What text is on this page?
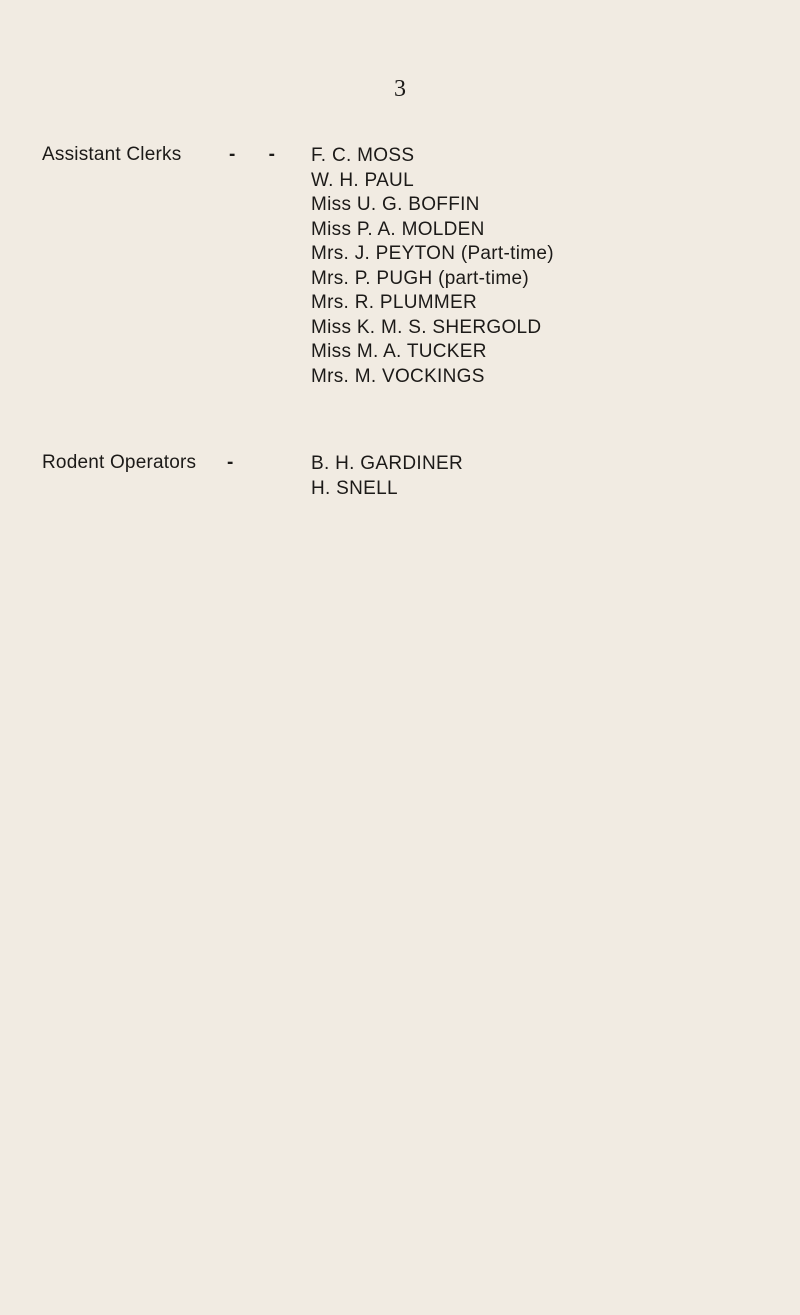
3
Assistant Clerks	- - F. C. MOSS
W. H. PAUL
Miss U. G. BOFFIN
Miss P. A. MOLDEN
Mrs. J. PEYTON (Part-time)
Mrs. P. PUGH (part-time)
Mrs. R. PLUMMER
Miss K. M. S. SHERGOLD
Miss M. A. TUCKER
Mrs. M. VOCKINGS
Rodent Operators -	B. H. GARDINER
H. SNELL
